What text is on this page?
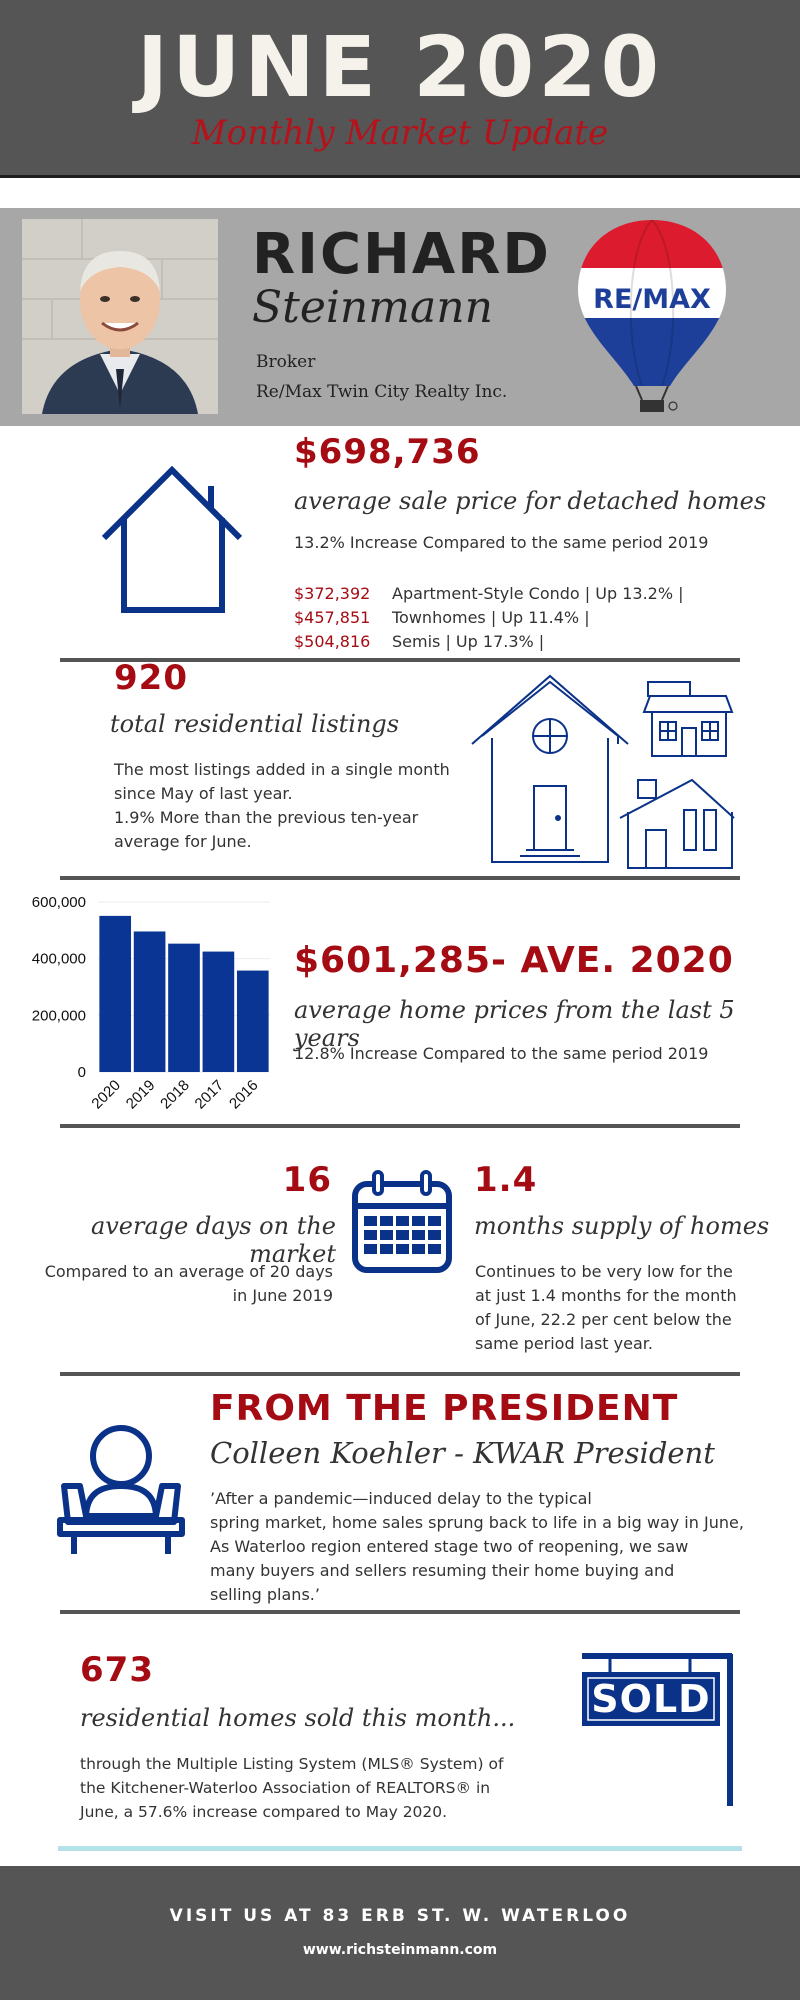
JUNE 2020
Monthly Market Update
RICHARD
Steinmann
Broker
Re/Max Twin City Realty Inc.
RE/MAX
$698,736
average sale price for detached homes
13.2% Increase Compared to the same period 2019
$372,392 Apartment-Style Condo | Up 13.2% |
$457,851 Townhomes | Up 11.4% |
$504,816 Semis | Up 17.3% |
920
total residential listings
The most listings added in a single month
since May of last year.
1.9% More than the previous ten-year
average for June.
0
200,000
400,000
600,000
2020
2019
2018
2017
2016
$601,285- AVE. 2020
average home prices from the last 5 years
12.8% Increase Compared to the same period 2019
16
average days on the market
Compared to an average of 20 days
in June 2019
1.4
months supply of homes
Continues to be very low for the
at just 1.4 months for the month
of June, 22.2 per cent below the
same period last year.
FROM THE PRESIDENT
Colleen Koehler - KWAR President
’After a pandemic—induced delay to the typical
spring market, home sales sprung back to life in a big way in June,
As Waterloo region entered stage two of reopening, we saw
many buyers and sellers resuming their home buying and
selling plans.’
673
residential homes sold this month...
through the Multiple Listing System (MLS® System) of
the Kitchener-Waterloo Association of REALTORS® in
June, a 57.6% increase compared to May 2020.
SOLD
VISIT US AT 83 ERB ST. W. WATERLOO
www.richsteinmann.com
